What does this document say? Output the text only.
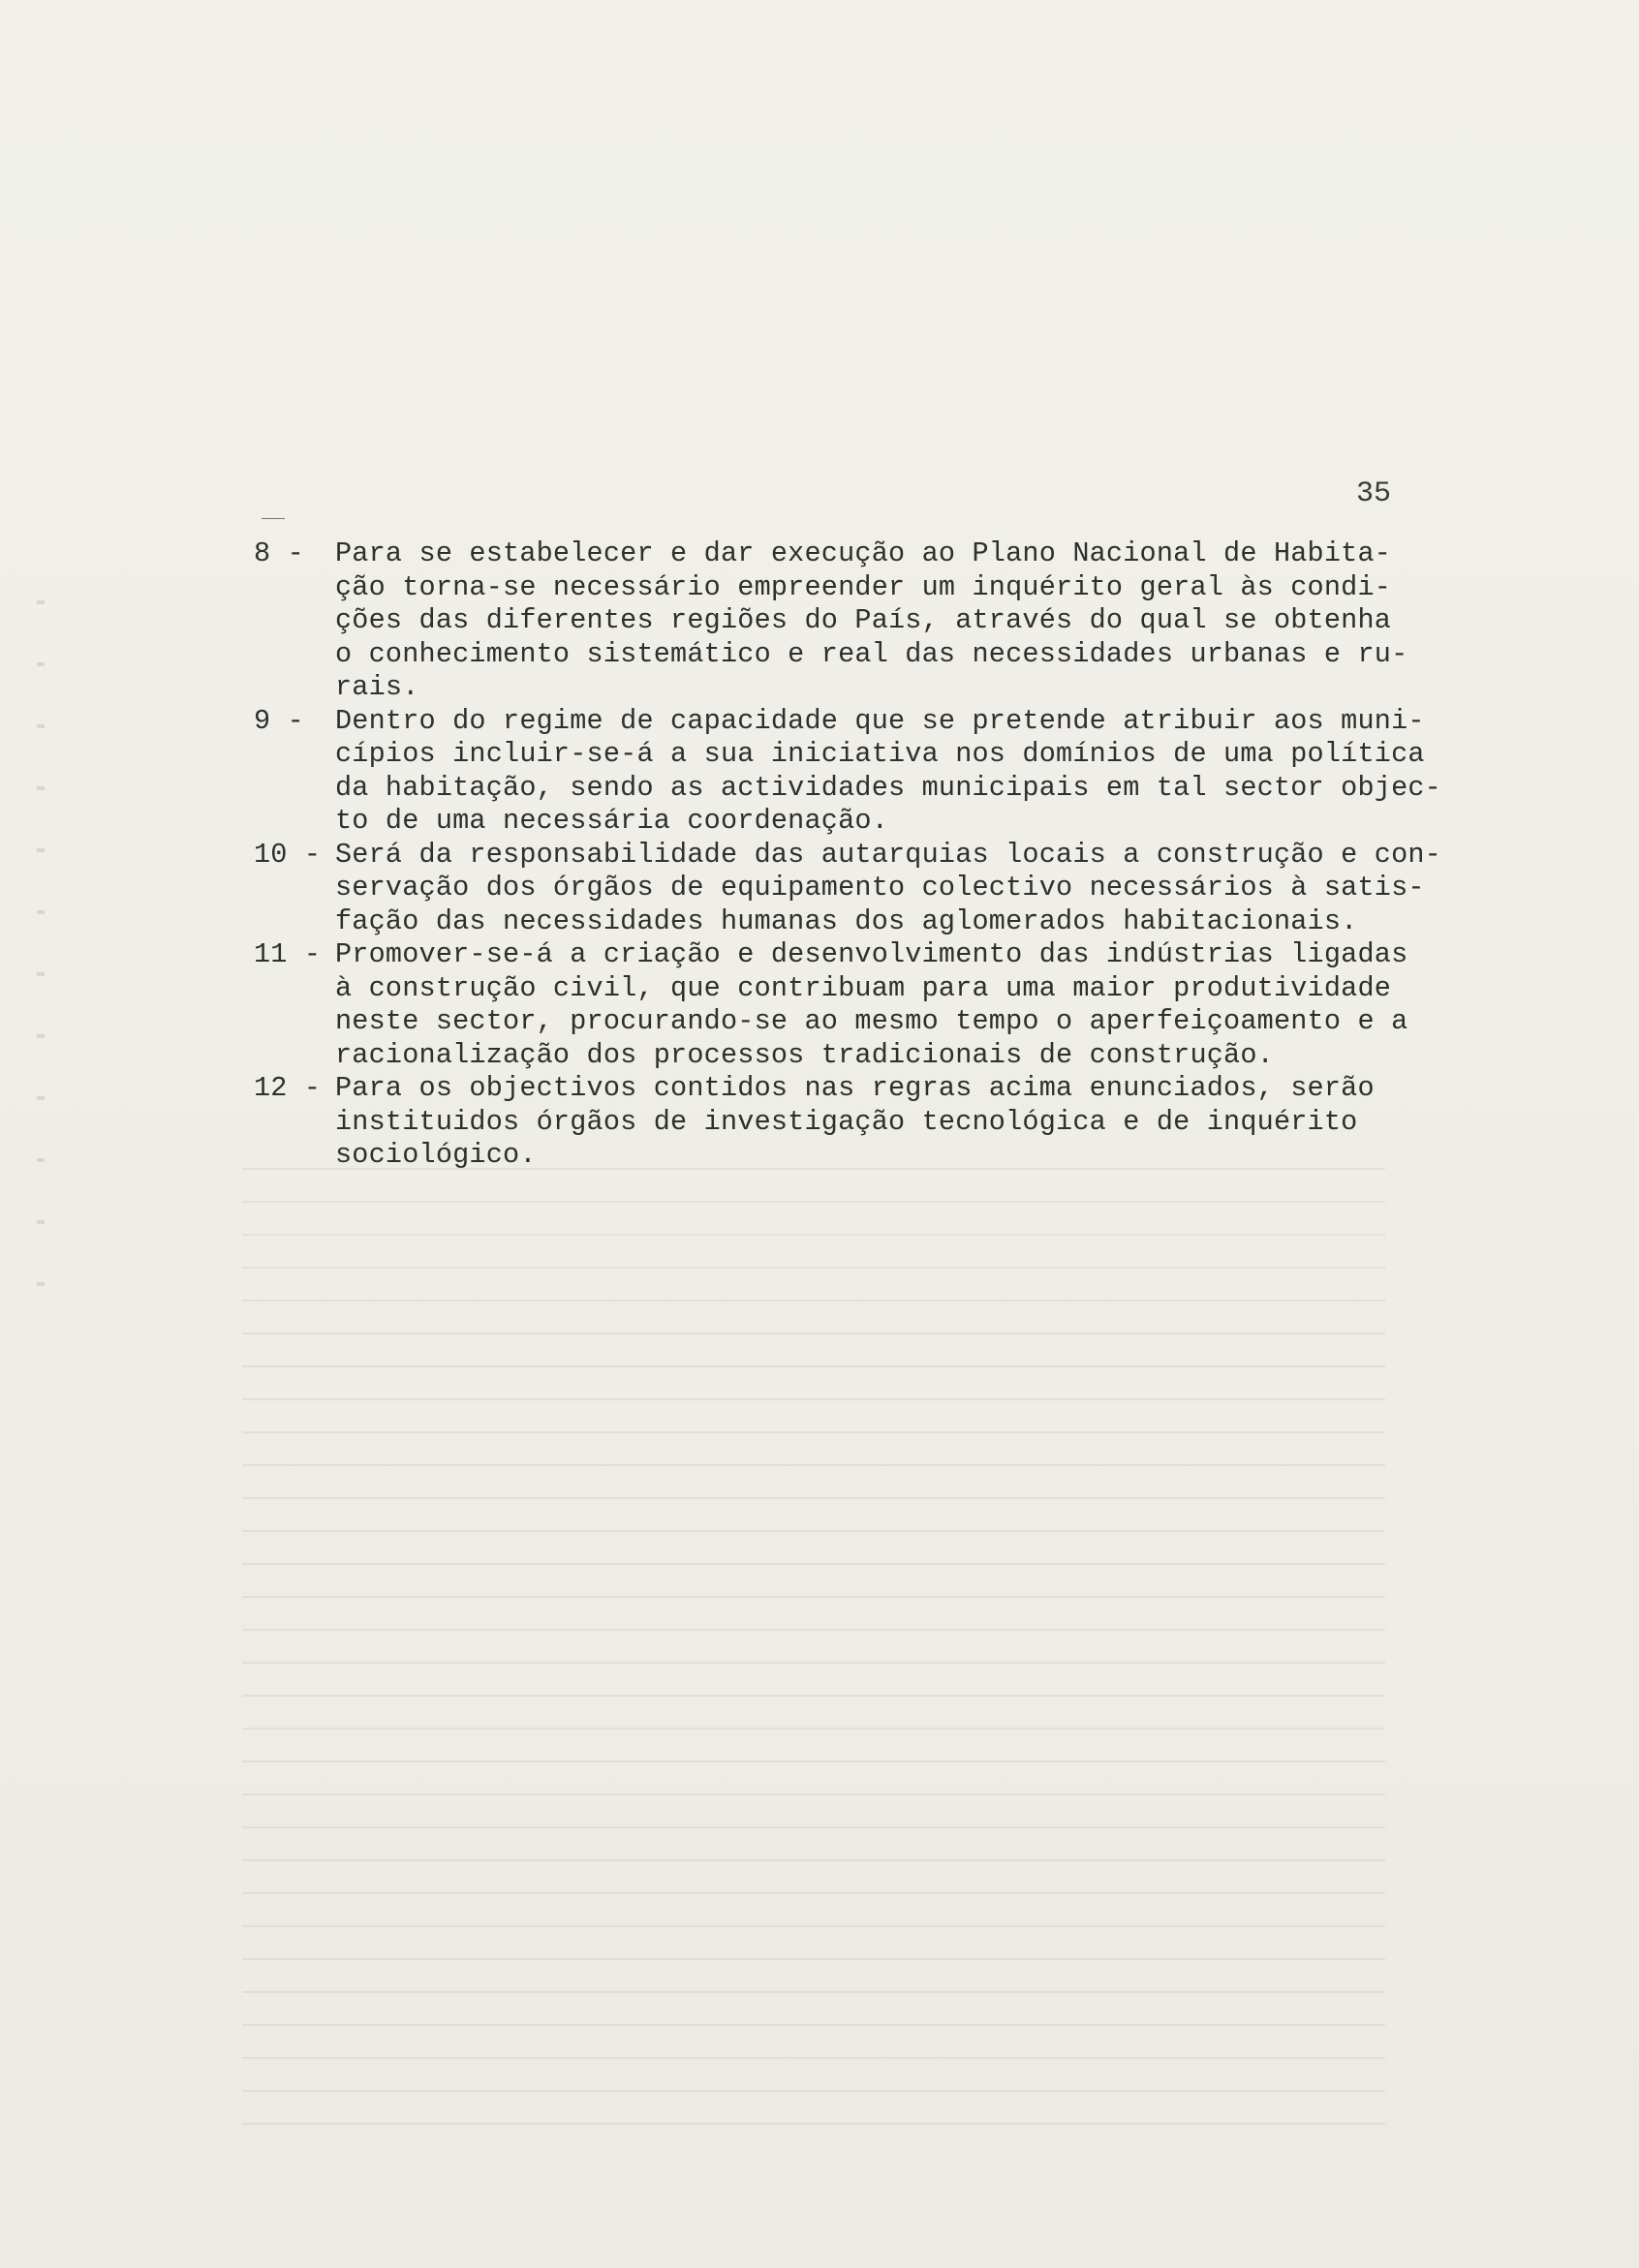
35
8 -	Para se estabelecer e dar execução ao Plano Nacional de Habita-
ção torna-se necessário empreender um inquérito geral às condi-
ções das diferentes regiões do País, através do qual se obtenha
o conhecimento sistemático e real das necessidades urbanas e ru-
rais.
9 -	Dentro do regime de capacidade que se pretende atribuir aos muni-
cípios incluir-se-á a sua iniciativa nos domínios de uma política
da habitação, sendo as actividades municipais em tal sector objec-
to de uma necessária coordenação.
10 - Será da responsabilidade das autarquias locais a construção e con-
servação dos órgãos de equipamento colectivo necessários à satis-
fação das necessidades humanas dos aglomerados habitacionais.
11 - Promover-se-á a criação e desenvolvimento das indústrias ligadas
à construção civil, que contribuam para uma maior produtividade
neste sector, procurando-se ao mesmo tempo o aperfeiçoamento e a
racionalização dos processos tradicionais de construção.
12 - Para os objectivos contidos nas regras acima enunciados, serão
instituidos órgãos de investigação tecnológica e de inquérito
sociológico.
